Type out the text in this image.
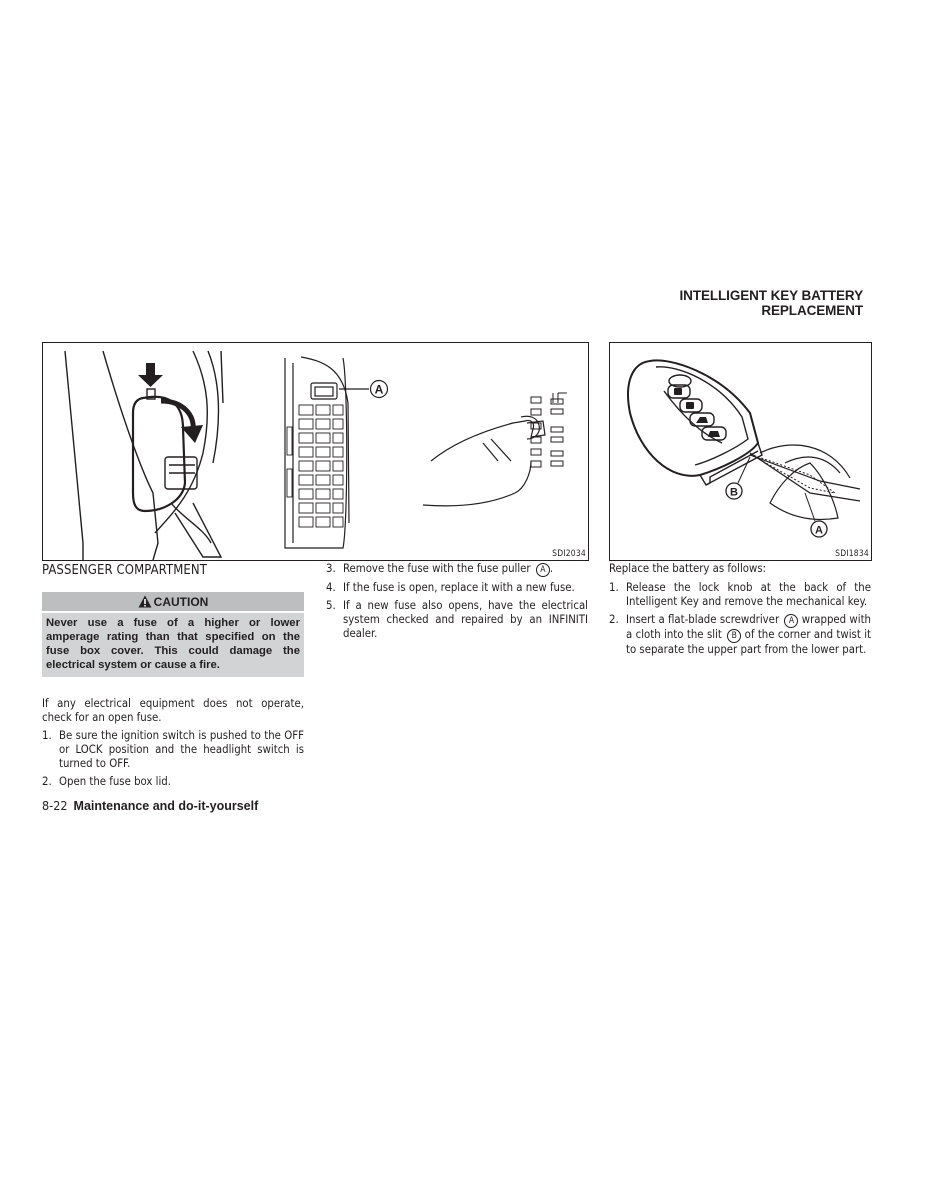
INTELLIGENT KEY BATTERY REPLACEMENT
A
SDI2034
B
A
SDI1834
PASSENGER COMPARTMENT
CAUTION
Never use a fuse of a higher or lower amperage rating than that specified on the fuse box cover. This could damage the electrical system or cause a fire.
If any electrical equipment does not operate, check for an open fuse.
1. Be sure the ignition switch is pushed to the OFF or LOCK position and the headlight switch is turned to OFF.
2. Open the fuse box lid.
3. Remove the fuse with the fuse puller A .
4. If the fuse is open, replace it with a new fuse.
5. If a new fuse also opens, have the electrical system checked and repaired by an INFINITI dealer.
Replace the battery as follows:
1. Release the lock knob at the back of the Intelligent Key and remove the mechanical key.
2. Insert a flat-blade screwdriver A wrapped with a cloth into the slit B of the corner and twist it to separate the upper part from the lower part.
8-22 Maintenance and do-it-yourself
